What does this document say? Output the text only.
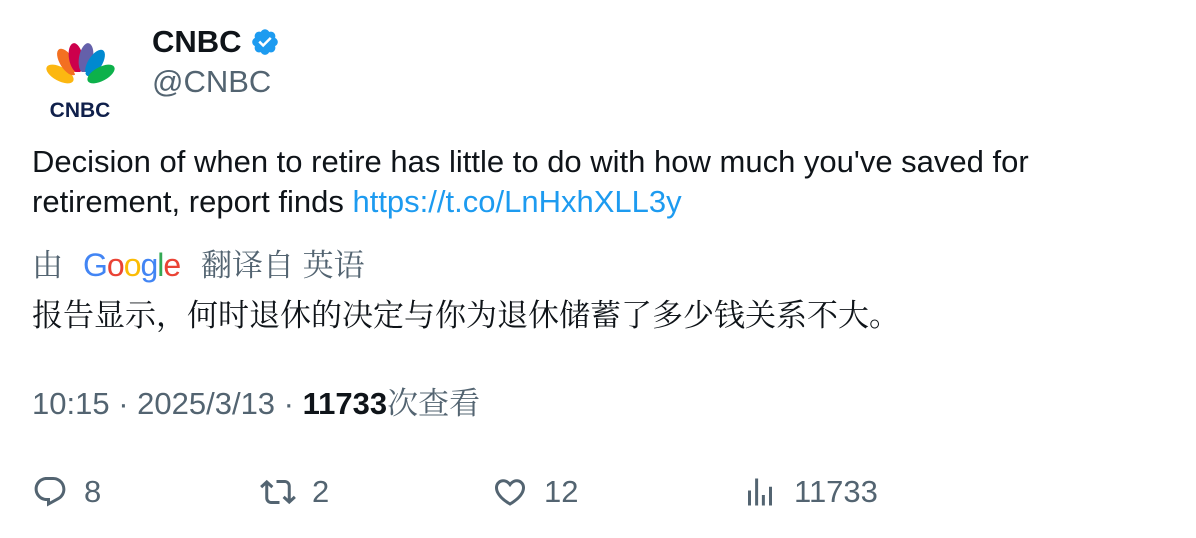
CNBC
CNBC
@CNBC
Decision of when to retire has little to do with how much you've saved for retirement, report finds https://t.co/LnHxhXLL3y
由 Google 翻译自 英语
报告显示，何时退休的决定与你为退休储蓄了多少钱关系不大。
10:15 · 2025/3/13 · 11733次查看
8	2	12	11733
